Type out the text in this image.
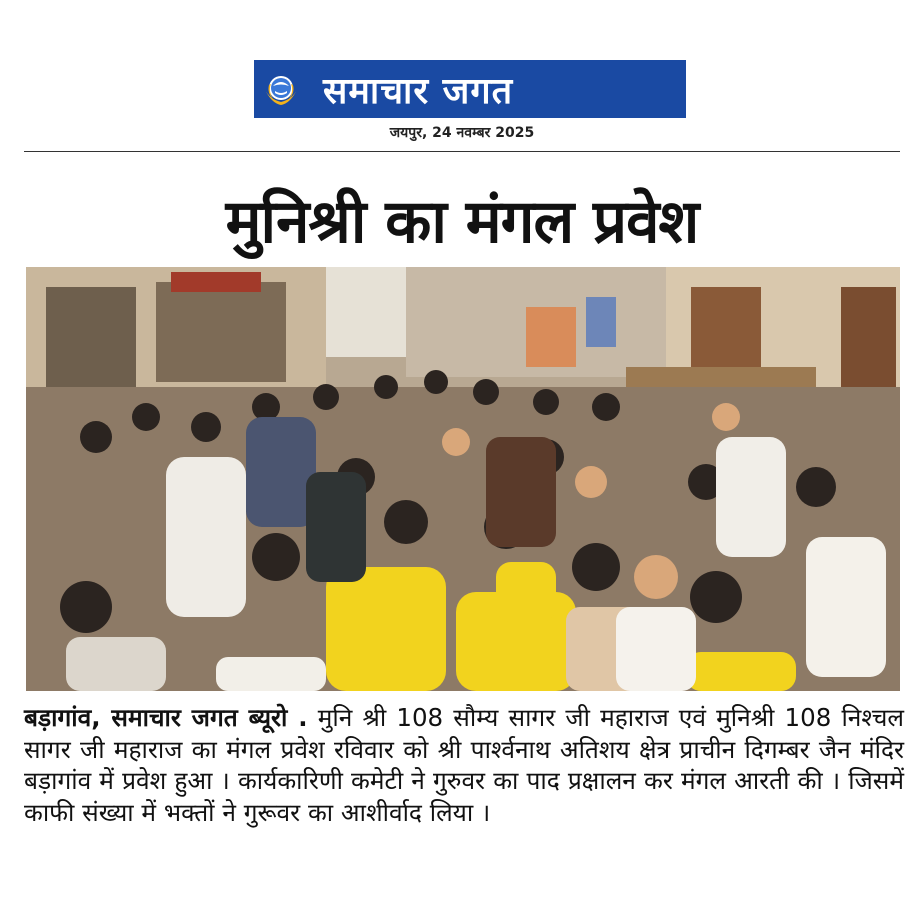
समाचार जगत
जयपुर, 24 नवम्बर 2025
मुनिश्री का मंगल प्रवेश
बड़ागांव, समाचार जगत ब्यूरो . मुनि श्री 108 सौम्य सागर जी महाराज एवं मुनिश्री 108 निश्चल सागर जी महाराज का मंगल प्रवेश रविवार को श्री पार्श्वनाथ अतिशय क्षेत्र प्राचीन दिगम्बर जैन मंदिर बड़ागांव में प्रवेश हुआ । कार्यकारिणी कमेटी ने गुरुवर का पाद प्रक्षालन कर मंगल आरती की । जिसमें काफी संख्या में भक्तों ने गुरूवर का आशीर्वाद लिया ।
